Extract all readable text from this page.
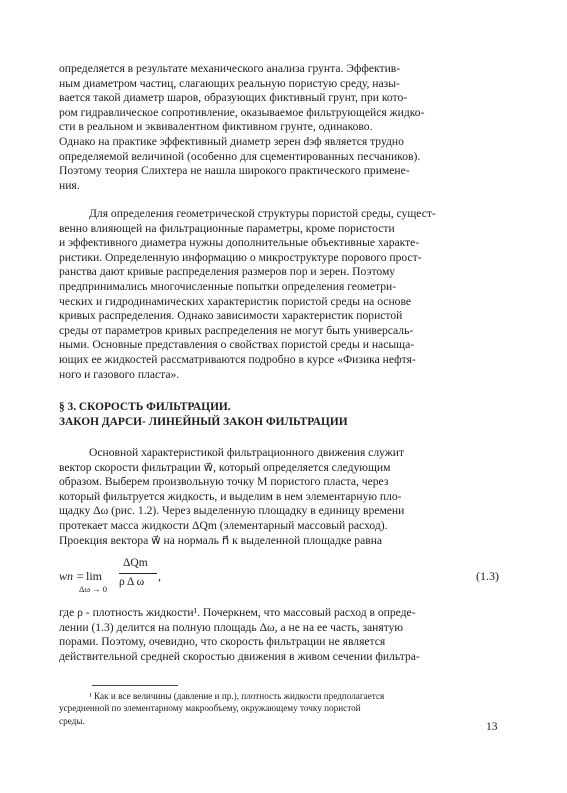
определяется в результате механического анализа грунта. Эффектив-
ным диаметром частиц, слагающих реальную пористую среду, назы-
вается такой диаметр шаров, образующих фиктивный грунт, при кото-
ром гидравлическое сопротивление, оказываемое фильтрующейся жидко-
сти в реальном и эквивалентном фиктивном грунте, одинаково.
Однако на практике эффективный диаметр зерен dэф является трудно
определяемой величиной (особенно для сцементированных песчаников).
Поэтому теория Слихтера не нашла широкого практического примене-
ния.
Для определения геометрической структуры пористой среды, сущест-
венно влияющей на фильтрационные параметры, кроме пористости
и эффективного диаметра нужны дополнительные объективные характе-
ристики. Определенную информацию о микроструктуре порового прост-
ранства дают кривые распределения размеров пор и зерен. Поэтому
предпринимались многочисленные попытки определения геометри-
ческих и гидродинамических характеристик пористой среды на основе
кривых распределения. Однако зависимости характеристик пористой
среды от параметров кривых распределения не могут быть универсаль-
ными. Основные представления о свойствах пористой среды и насыща-
ющих ее жидкостей рассматриваются подробно в курсе «Физика нефтя-
ного и газового пласта».
§ 3. СКОРОСТЬ ФИЛЬТРАЦИИ.
ЗАКОН ДАРСИ- ЛИНЕЙНЫЙ ЗАКОН ФИЛЬТРАЦИИ
Основной характеристикой фильтрационного движения служит
вектор скорости фильтрации w⃗, который определяется следующим
образом. Выберем произвольную точку М пористого пласта, через
который фильтруется жидкость, и выделим в нем элементарную пло-
щадку Δω (рис. 1.2). Через выделенную площадку в единицу времени
протекает масса жидкости ΔQm (элементарный массовый расход).
Проекция вектора w⃗ на нормаль n⃗ к выделенной площадке равна
wn = lim
Δω → 0
ΔQm
ρ Δ ω ,	(1.3)
где ρ - плотность жидкости¹. Почеркнем, что массовый расход в опреде-
лении (1.3) делится на полную площадь Δω, а не на ее часть, занятую
порами. Поэтому, очевидно, что скорость фильтрации не является
действительной средней скоростью движения в живом сечении фильтра-
¹ Как и все величины (давление и пр.), плотность жидкости предполагается
усредненной по элементарному макрообъему, окружающему точку пористой
среды.
13
